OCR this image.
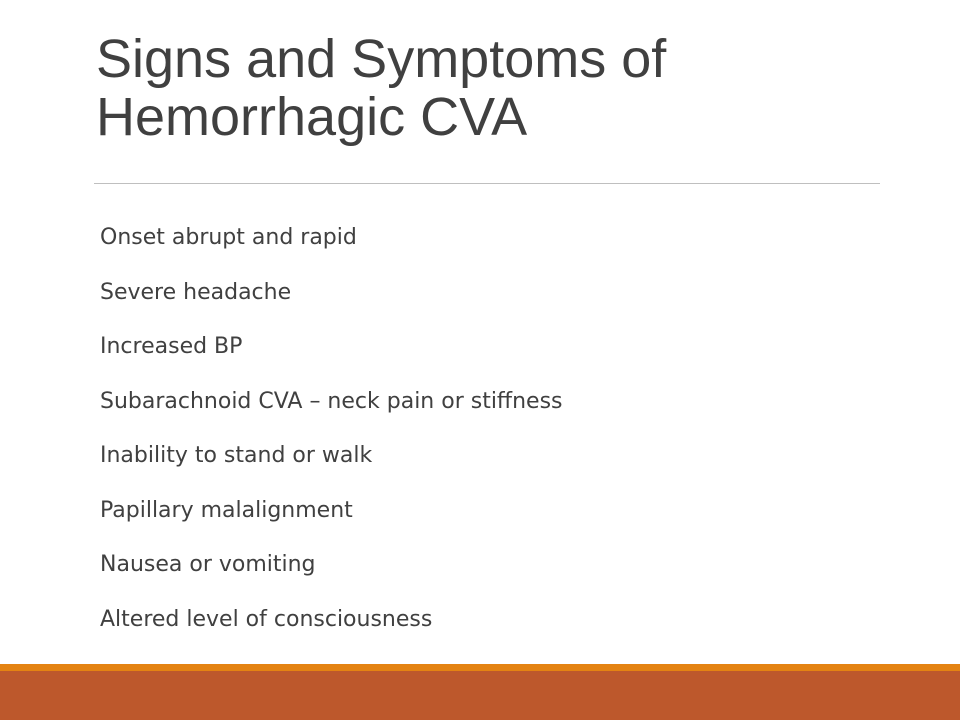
Signs and Symptoms of
Hemorrhagic CVA
Onset abrupt and rapid
Severe headache
Increased BP
Subarachnoid CVA – neck pain or stiffness
Inability to stand or walk
Papillary malalignment
Nausea or vomiting
Altered level of consciousness
